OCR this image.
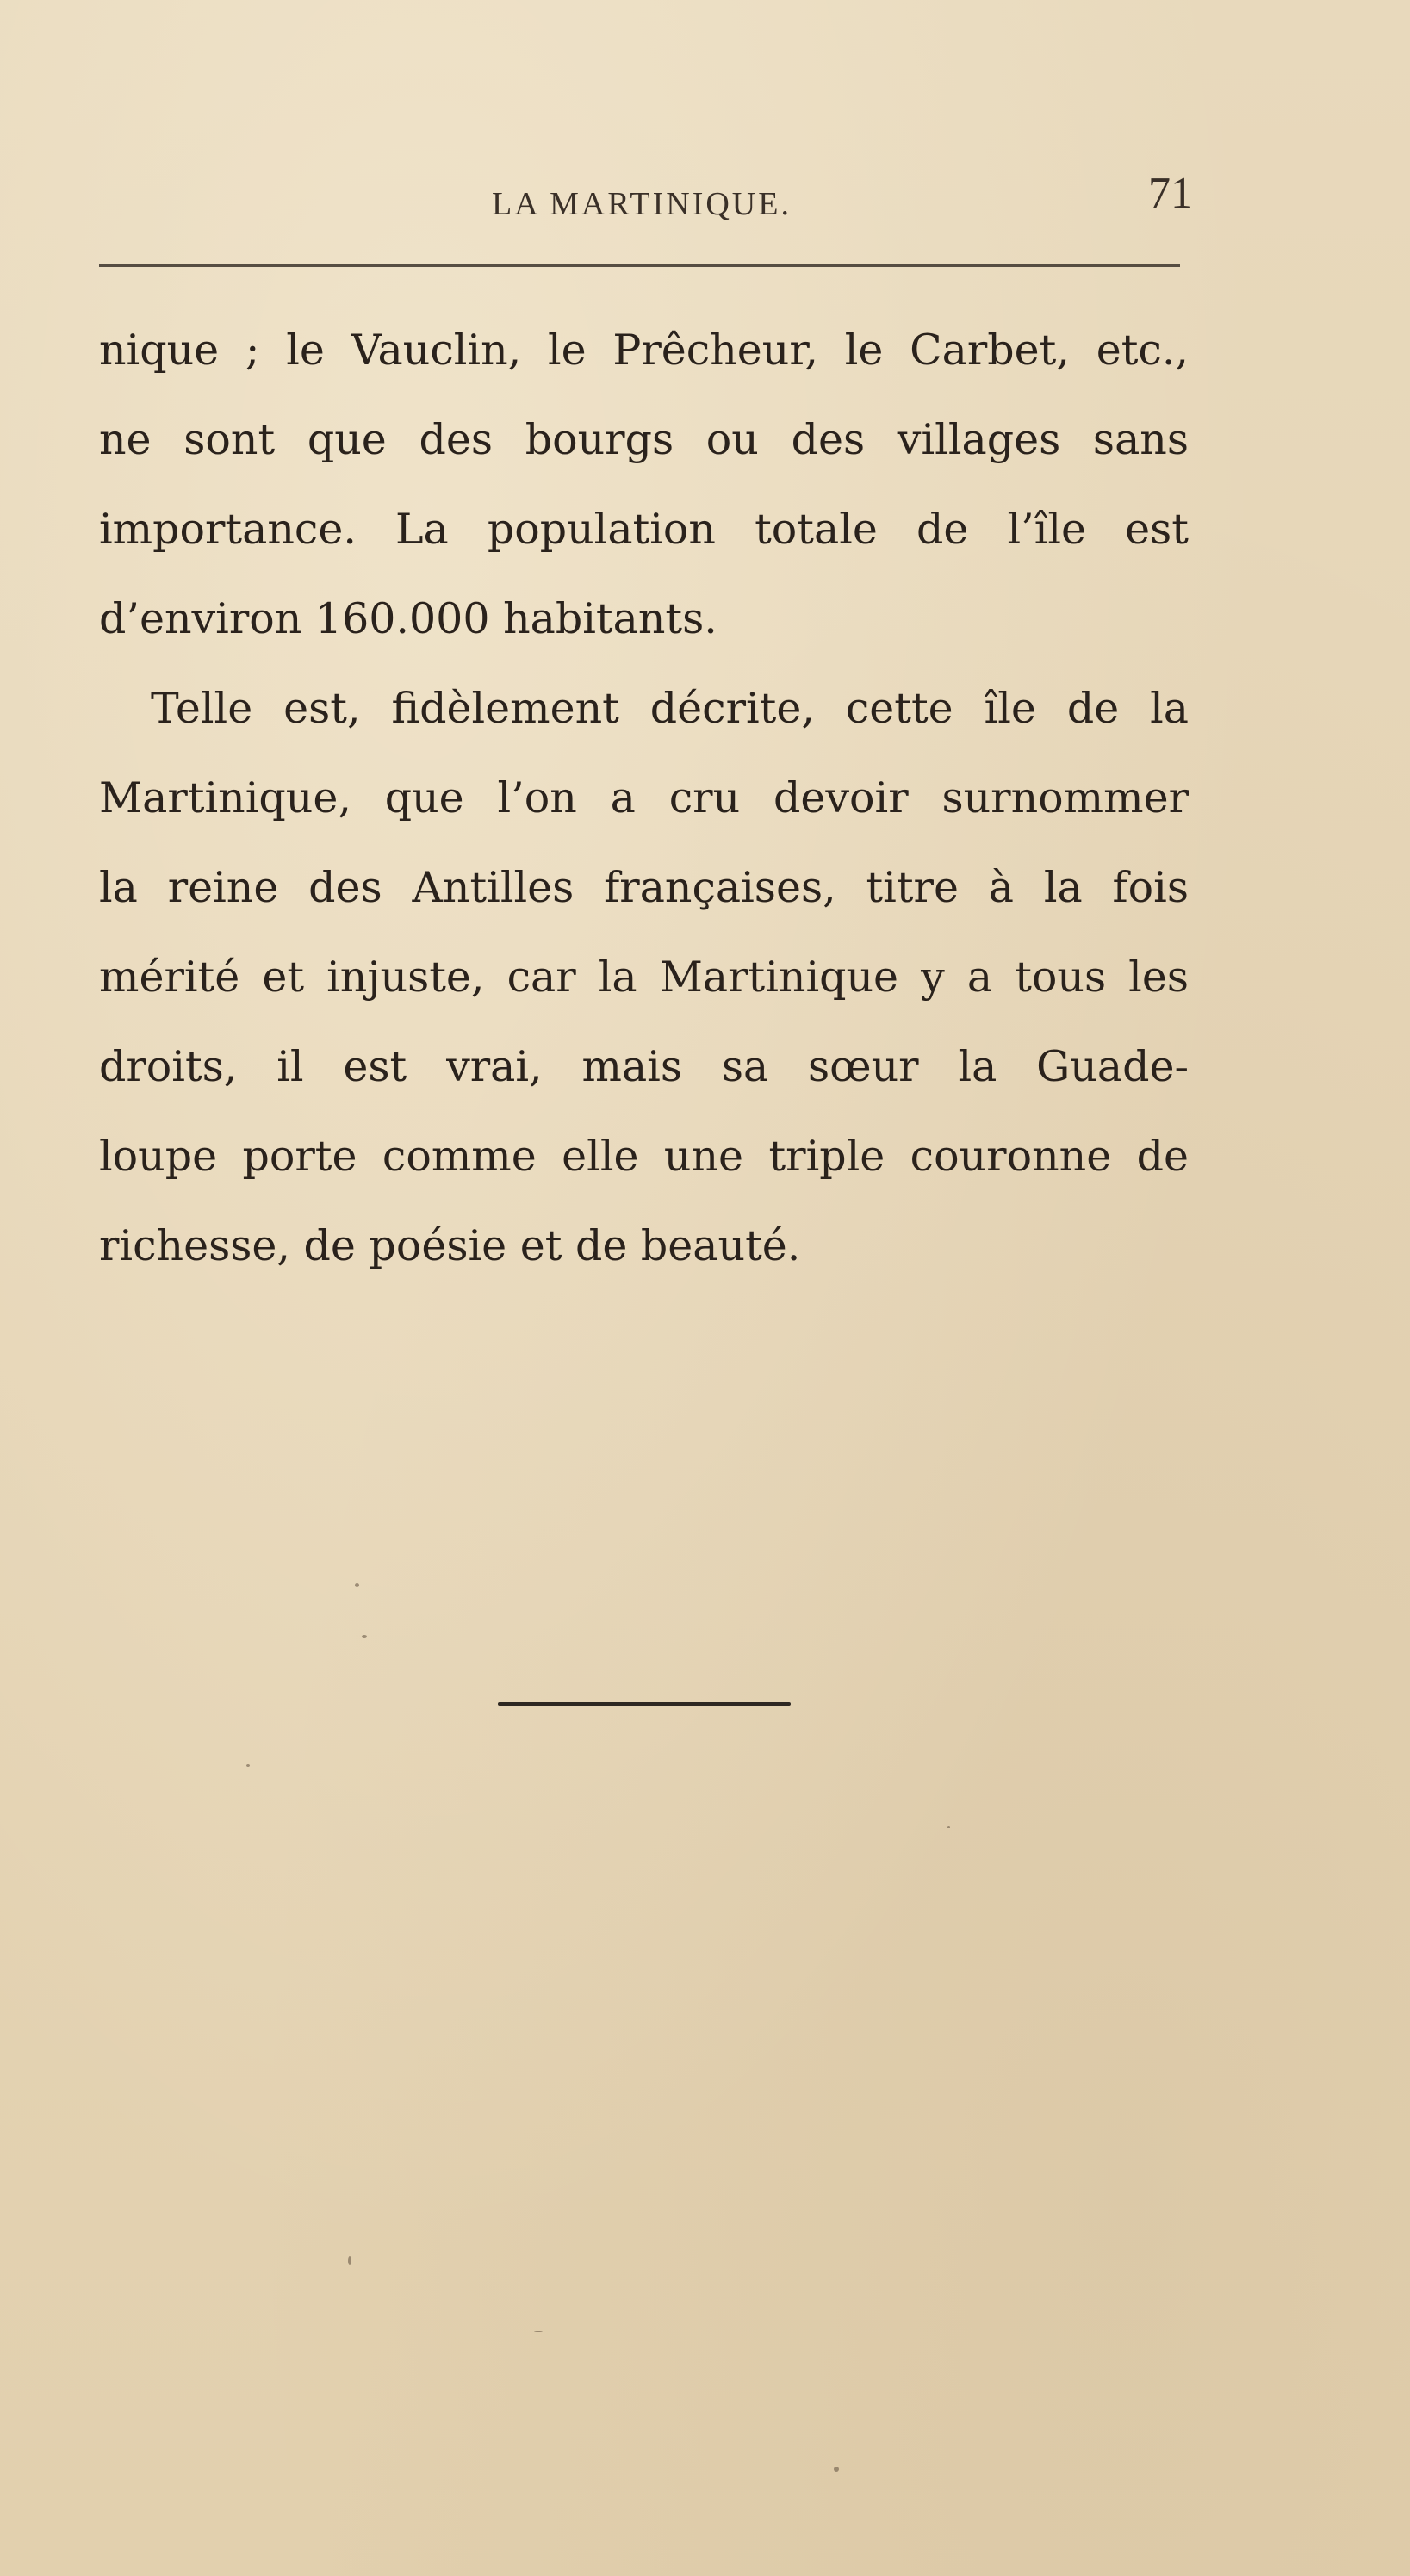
LA MARTINIQUE.	71
nique ; le Vauclin, le Prêcheur, le Carbet, etc.,
ne sont que des bourgs ou des villages sans
importance. La population totale de l’île est
d’environ 160.000 habitants.
Telle est, fidèlement décrite, cette île de la
Martinique, que l’on a cru devoir surnommer
la reine des Antilles françaises, titre à la fois
mérité et injuste, car la Martinique y a tous les
droits, il est vrai, mais sa sœur la Guade-
loupe porte comme elle une triple couronne de
richesse, de poésie et de beauté.
